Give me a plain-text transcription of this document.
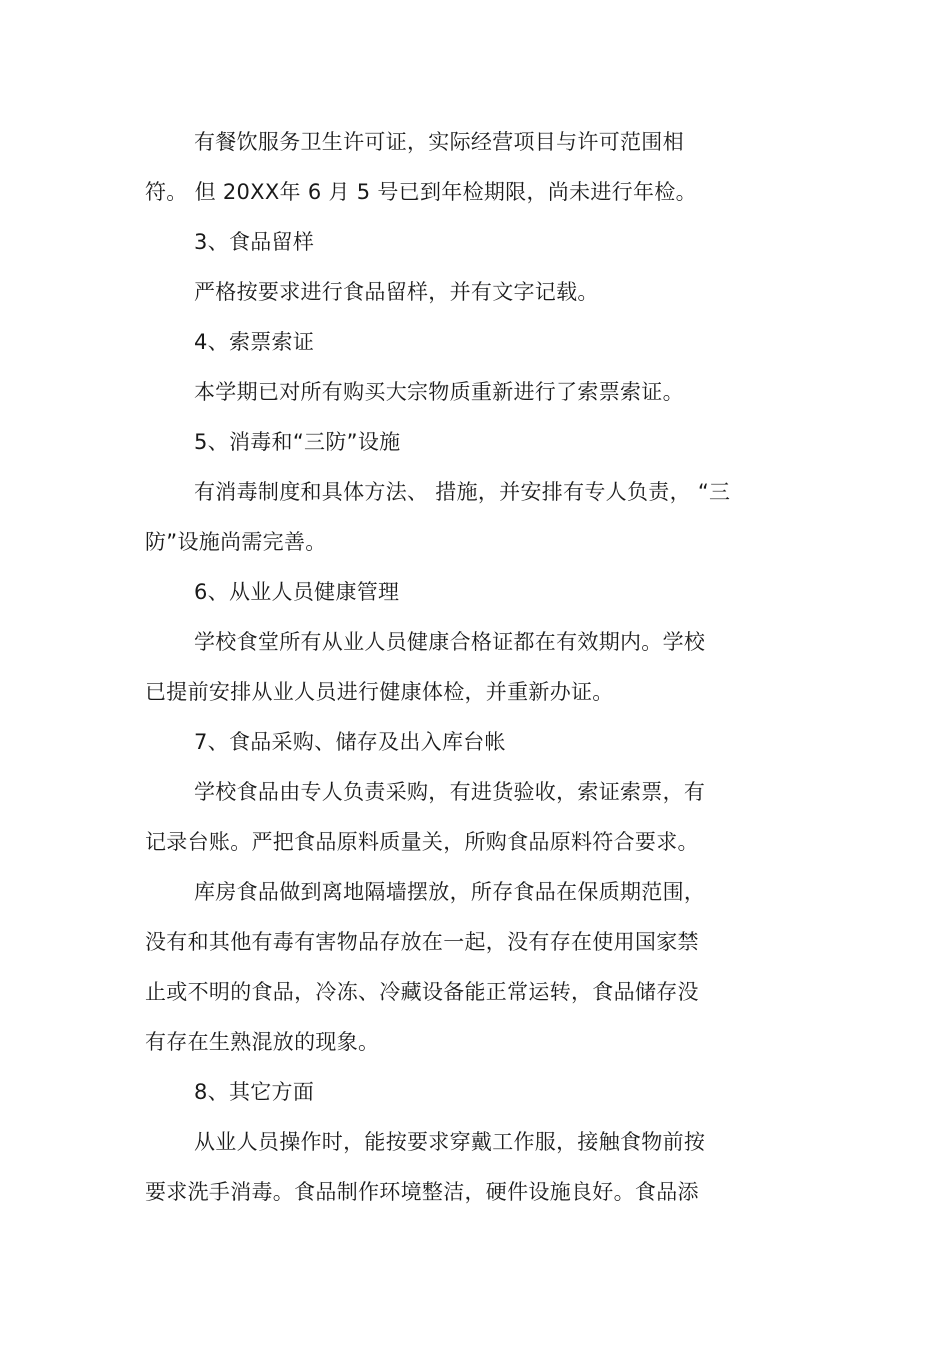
有餐饮服务卫生许可证，实际经营项目与许可范围相
符。 但 20XX年 6 月 5 号已到年检期限，尚未进行年检。
3、食品留样
严格按要求进行食品留样，并有文字记载。
4、索票索证
本学期已对所有购买大宗物质重新进行了索票索证。
5、消毒和“三防”设施
有消毒制度和具体方法、 措施，并安排有专人负责， “三
防”设施尚需完善。
6、从业人员健康管理
学校食堂所有从业人员健康合格证都在有效期内。学校
已提前安排从业人员进行健康体检，并重新办证。
7、食品采购、储存及出入库台帐
学校食品由专人负责采购，有进货验收，索证索票，有
记录台账。严把食品原料质量关，所购食品原料符合要求。
库房食品做到离地隔墙摆放，所存食品在保质期范围，
没有和其他有毒有害物品存放在一起，没有存在使用国家禁
止或不明的食品，冷冻、冷藏设备能正常运转，食品储存没
有存在生熟混放的现象。
8、其它方面
从业人员操作时，能按要求穿戴工作服，接触食物前按
要求洗手消毒。食品制作环境整洁，硬件设施良好。食品添
